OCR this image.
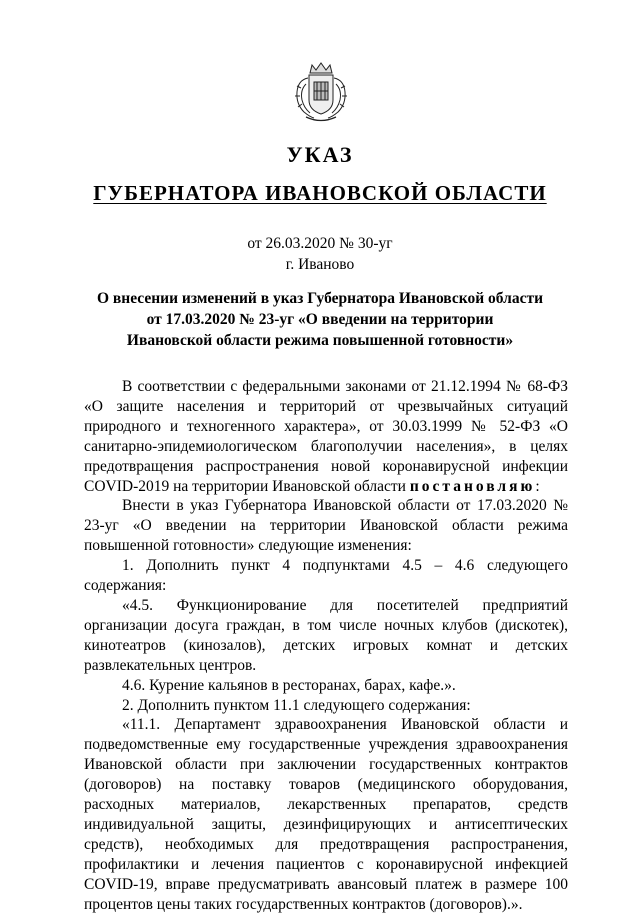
УКАЗ
ГУБЕРНАТОРА ИВАНОВСКОЙ ОБЛАСТИ
от 26.03.2020 № 30-уг
г. Иваново
О внесении изменений в указ Губернатора Ивановской области
от 17.03.2020 № 23-уг «О введении на территории
Ивановской области режима повышенной готовности»

В соответствии с федеральными законами от 21.12.1994 № 68-ФЗ «О защите населения и территорий от чрезвычайных ситуаций природного и техногенного характера», от 30.03.1999 № 52-ФЗ «О санитарно-эпидемиологическом благополучии населения», в целях предотвращения распространения новой коронавирусной инфекции COVID-2019 на территории Ивановской области постановляю:

Внести в указ Губернатора Ивановской области от 17.03.2020 № 23-уг «О введении на территории Ивановской области режима повышенной готовности» следующие изменения:

1. Дополнить пункт 4 подпунктами 4.5 – 4.6 следующего содержания:

«4.5. Функционирование для посетителей предприятий организации досуга граждан, в том числе ночных клубов (дискотек), кинотеатров (кинозалов), детских игровых комнат и детских развлекательных центров.

4.6. Курение кальянов в ресторанах, барах, кафе.».

2. Дополнить пунктом 11.1 следующего содержания:

«11.1. Департамент здравоохранения Ивановской области и подведомственные ему государственные учреждения здравоохранения Ивановской области при заключении государственных контрактов (договоров) на поставку товаров (медицинского оборудования, расходных материалов, лекарственных препаратов, средств индивидуальной защиты, дезинфицирующих и антисептических средств), необходимых для предотвращения распространения, профилактики и лечения пациентов с коронавирусной инфекцией COVID-19, вправе предусматривать авансовый платеж в размере 100 процентов цены таких государственных контрактов (договоров).».
